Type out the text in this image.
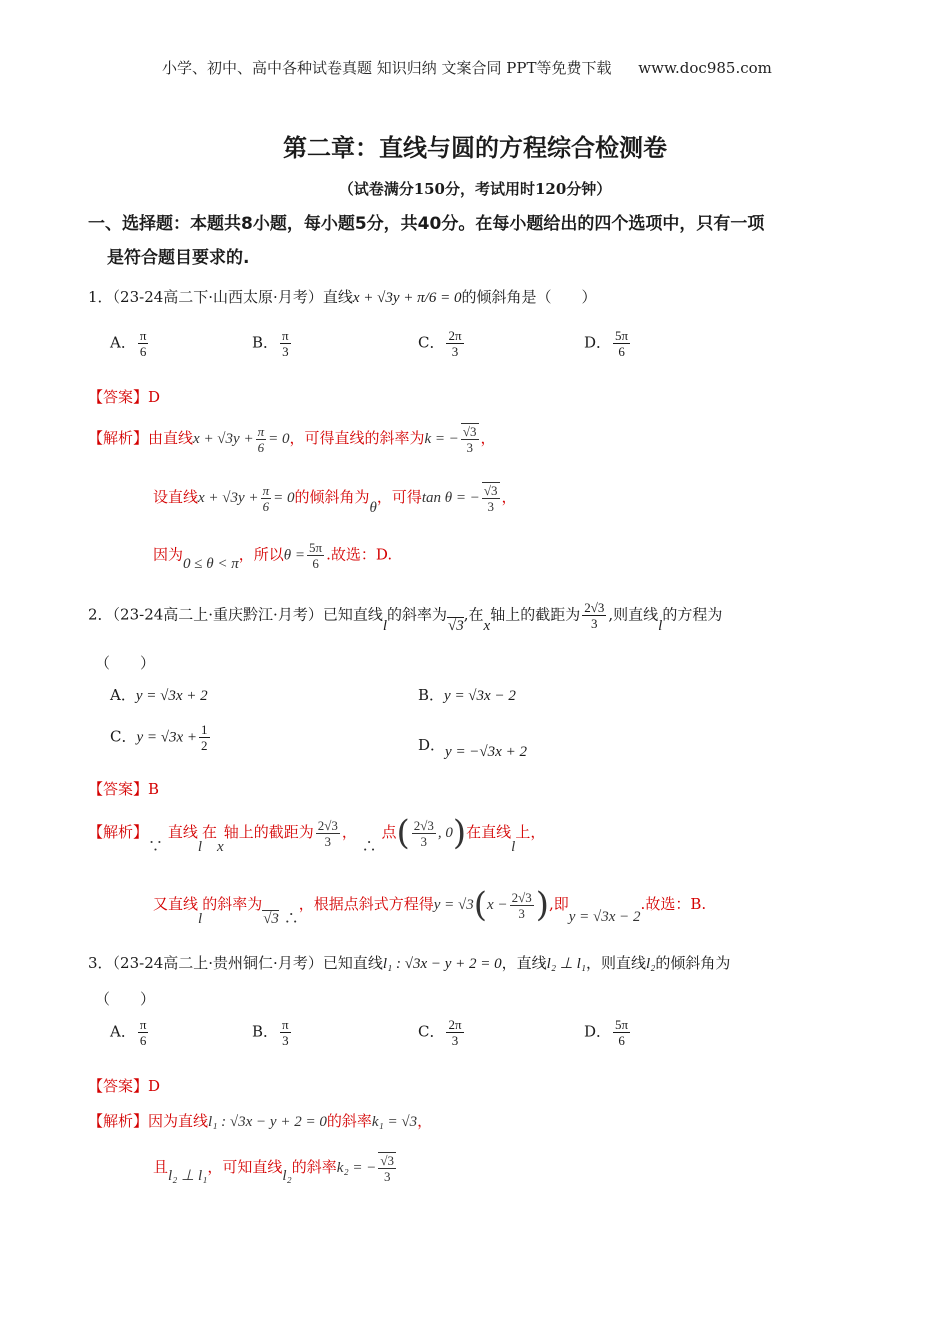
小学、初中、高中各种试卷真题 知识归纳 文案合同 PPT等免费下载 www.doc985.com
第二章：直线与圆的方程综合检测卷
（试卷满分150分，考试用时120分钟）
一、选择题：本题共8小题，每小题5分，共40分。在每小题给出的四个选项中，只有一项
是符合题目要求的.
1．（23-24高二下·山西太原·月考）直线x + √3y + π/6 = 0的倾斜角是（　　）
A． $\frac{\pi}{6}$	B． $\frac{\pi}{3}$	C． $\frac{2\pi}{3}$	D． $\frac{5\pi}{6}$
【答案】D
【解析】由直线$x + √3y + \frac{\pi}{6} = 0$，可得直线的斜率为k = − $\frac{√3}{3}$ ，
设直线$x + √3y + \frac{\pi}{6} = 0$的倾斜角为θ，可得tan θ = − $\frac{√3}{3}$ ，
因为0 ≤ θ < π，所以$\theta = \frac{5\pi}{6}$ .故选：D.
2．（23-24高二上·重庆黔江·月考）已知直线l的斜率为√3,在x轴上的截距为 $\frac{2√3}{3}$ ,则直线l的方程为
（　　）
A．y = √3x + 2	B．y = √3x − 2
C．$y = √3x + \frac{1}{2}$	D．y = −√3x + 2
【答案】B
【解析】∵ 直线l在x轴上的截距为 $\frac{2√3}{3}$ ， ∴ 点( $\frac{2√3}{3}$ , 0)在直线l上，
又直线l的斜率为√3 ∴，根据点斜式方程得$y = √3(x - \frac{2√3}{3}$ ),即y = √3x − 2.故选：B.
3．（23-24高二上·贵州铜仁·月考）已知直线l₁ : √3x − y + 2 = 0，直线l₂ ⊥ l₁，则直线l₂的倾斜角为
（　　）
A． $\frac{\pi}{6}$	B． $\frac{\pi}{3}$	C． $\frac{2\pi}{3}$	D． $\frac{5\pi}{6}$
【答案】D
【解析】因为直线l₁ : √3x − y + 2 = 0的斜率k₁ = √3，
且l₂ ⊥ l₁，可知直线l₂的斜率k₂ = − $\frac{√3}{3}$
